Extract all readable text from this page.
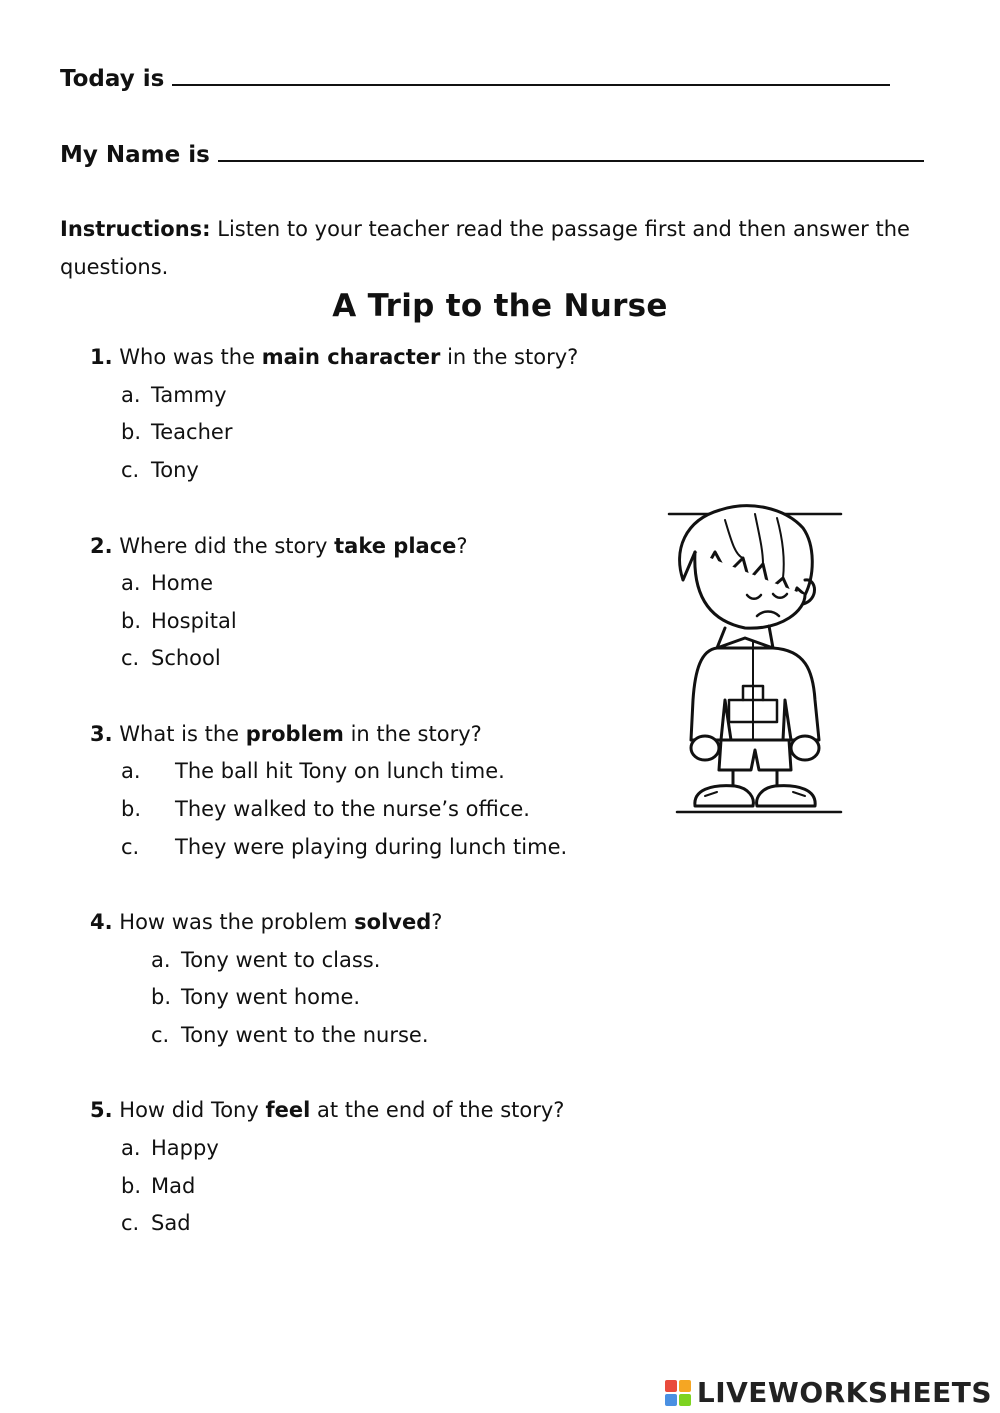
Today is
My Name is
Instructions: Listen to your teacher read the passage first and then answer the questions.
A Trip to the Nurse
1. Who was the main character in the story?
a. Tammy
b. Teacher
c. Tony
2. Where did the story take place?
a. Home
b. Hospital
c. School
3. What is the problem in the story?
a. The ball hit Tony on lunch time.
b. They walked to the nurse’s office.
c. They were playing during lunch time.
4. How was the problem solved?
a. Tony went to class.
b. Tony went home.
c. Tony went to the nurse.
5. How did Tony feel at the end of the story?
a. Happy
b. Mad
c. Sad
LIVEWORKSHEETS
